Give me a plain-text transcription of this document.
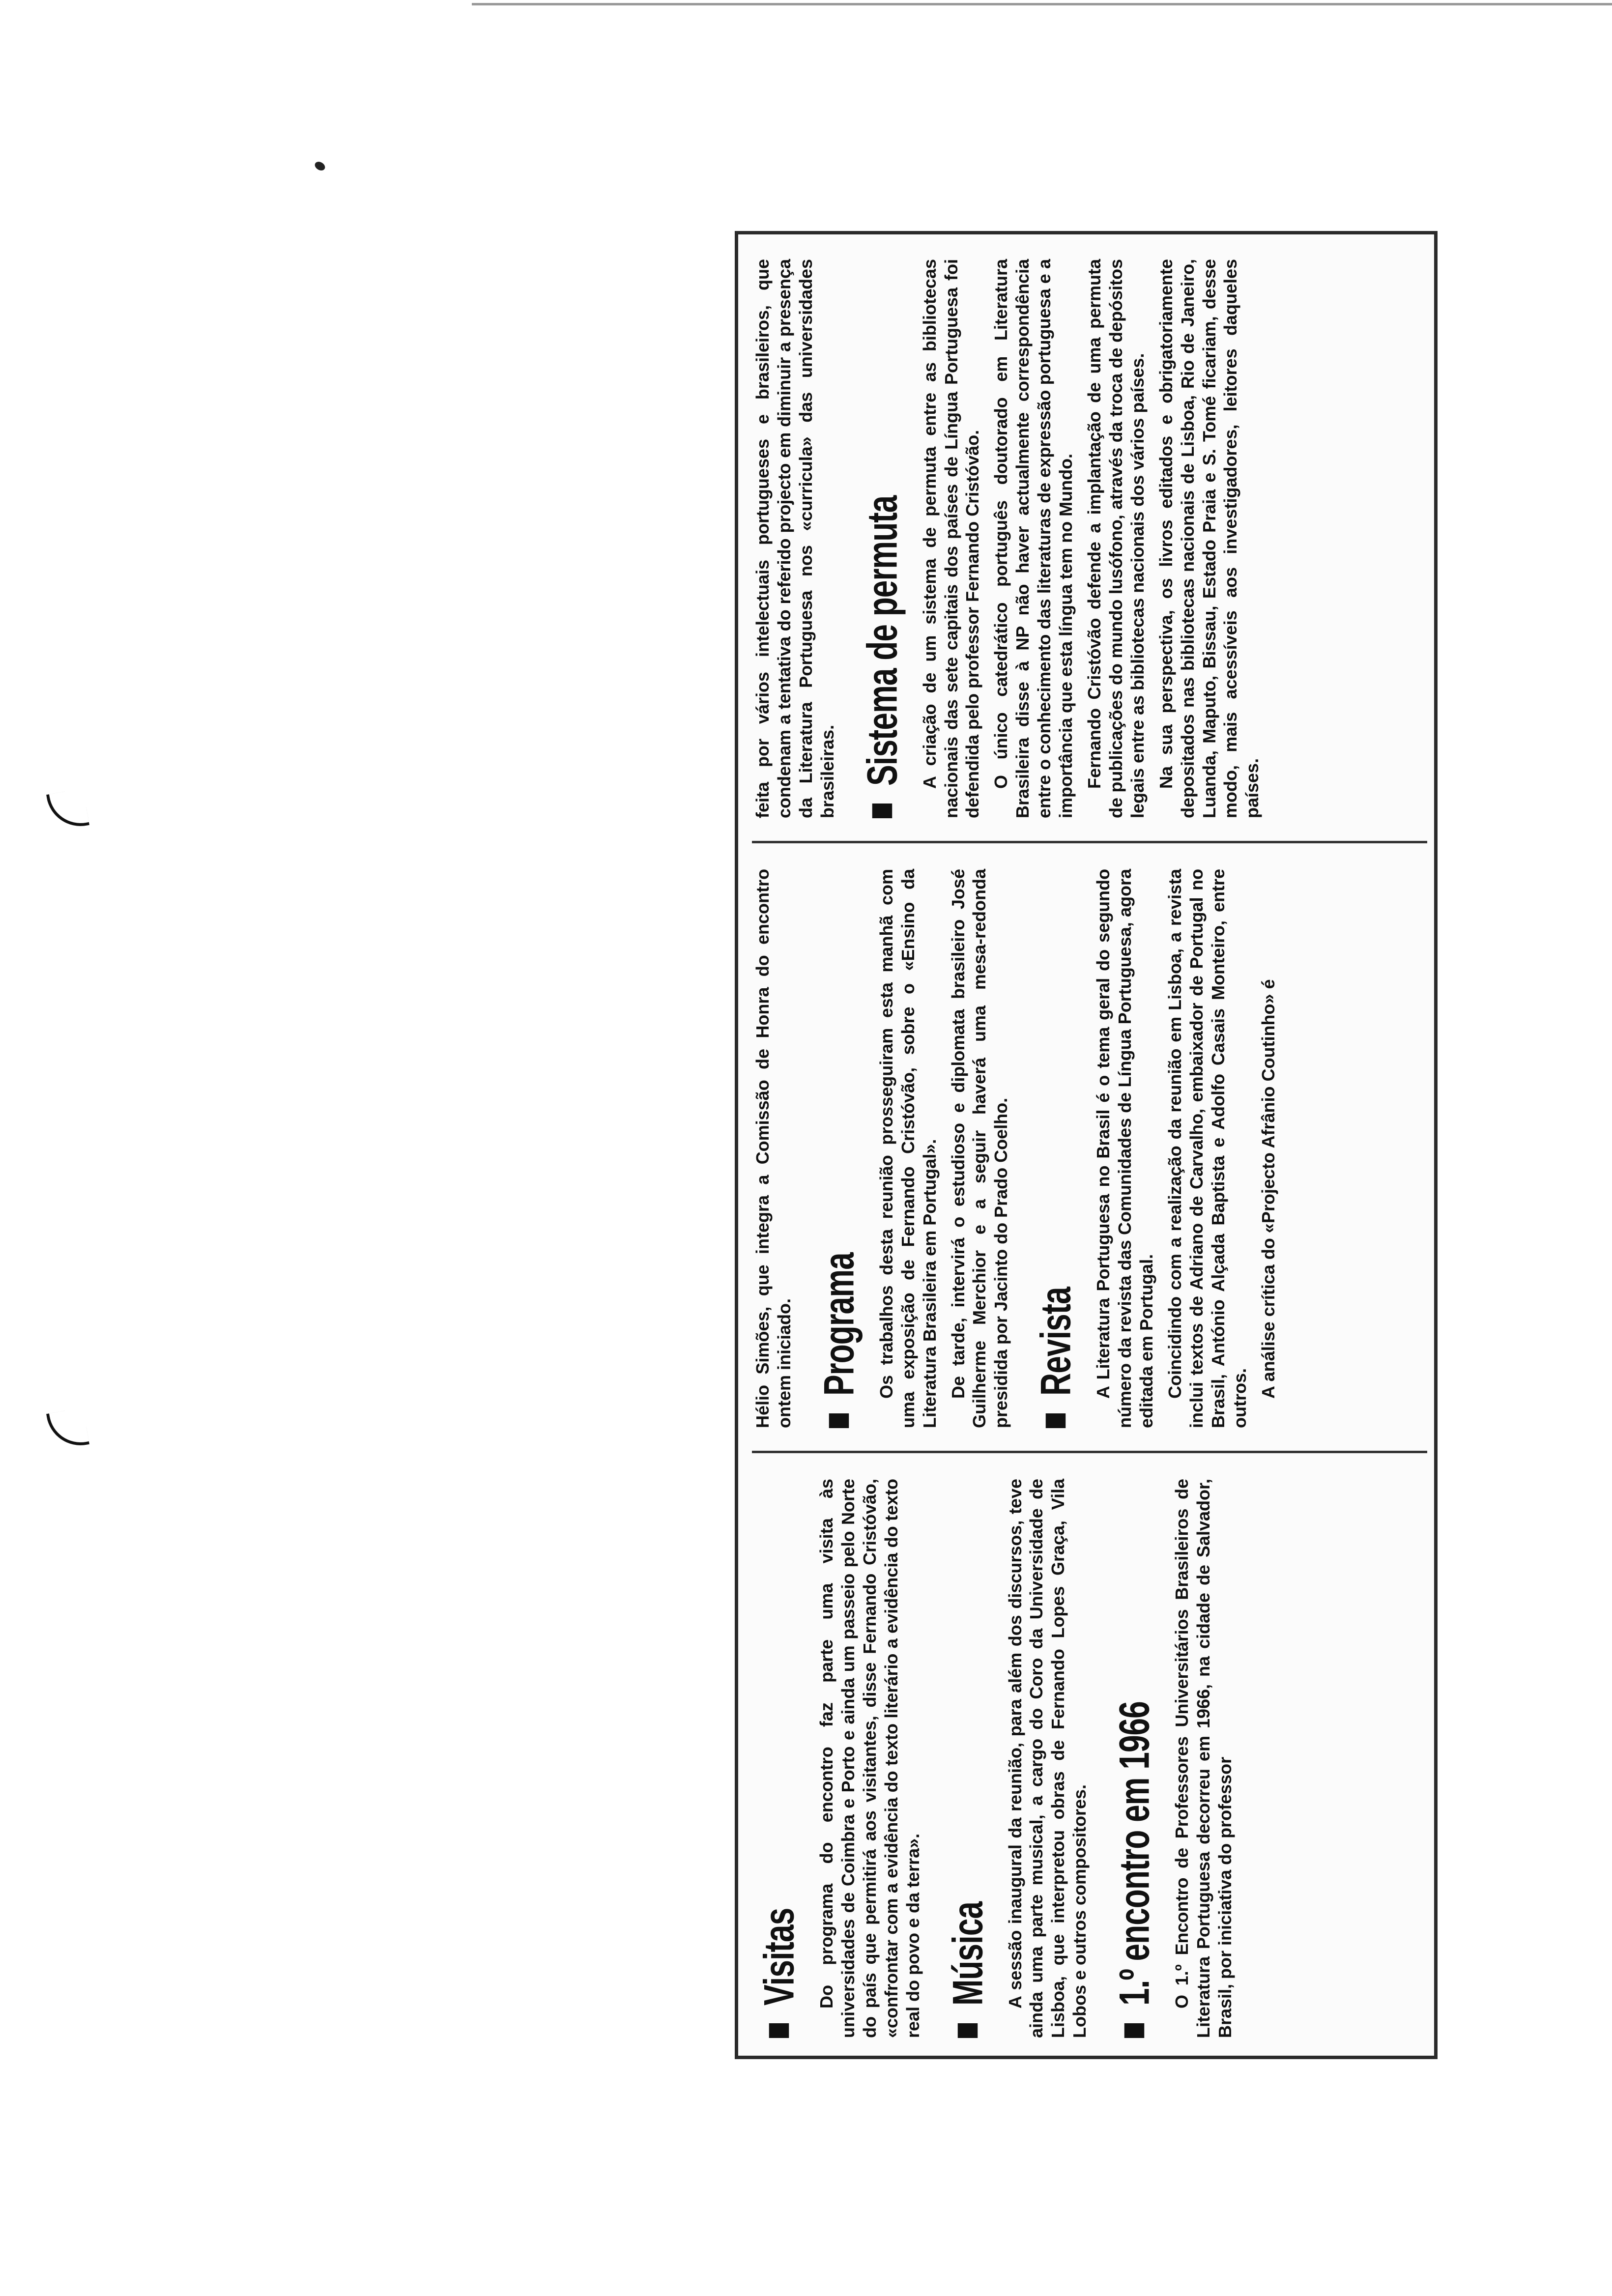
Visitas Do programa do encontro faz parte uma visita às universidades de Coimbra e Porto e ainda um passeio pelo Norte do país que permitirá aos visitantes, disse Fernando Cristóvão, «confrontar com a evidência do texto literário a evidência do texto real do povo e da terra». Música A sessão inaugural da reunião, para além dos discursos, teve ainda uma parte musical, a cargo do Coro da Universidade de Lisboa, que interpretou obras de Fernando Lopes Graça, Vila Lobos e outros compositores. 1.º encontro em 1966 O 1.º Encontro de Professores Universitários Brasileiros de Literatura Portuguesa decorreu em 1966, na cidade de Salvador, Brasil, por iniciativa do professor

Hélio Simões, que integra a Comissão de Honra do encontro ontem iniciado. Programa Os trabalhos desta reunião prosseguiram esta manhã com uma exposição de Fernando Cristóvão, sobre o «Ensino da Literatura Brasileira em Portugal». De tarde, intervirá o estudioso e diplomata brasileiro José Guilherme Merchior e a seguir haverá uma mesa-redonda presidida por Jacinto do Prado Coelho. Revista A Literatura Portuguesa no Brasil é o tema geral do segundo número da revista das Comunidades de Língua Portuguesa, agora editada em Portugal. Coincidindo com a realização da reunião em Lisboa, a revista inclui textos de Adriano de Carvalho, embaixador de Portugal no Brasil, António Alçada Baptista e Adolfo Casais Monteiro, entre outros. A análise crítica do «Projecto Afrânio Coutinho» é

feita por vários intelectuais portugueses e brasileiros, que condenam a tentativa do referido projecto em diminuir a presença da Literatura Portuguesa nos «curricula» das universidades brasileiras. Sistema de permuta A criação de um sistema de permuta entre as bibliotecas nacionais das sete capitais dos países de Língua Portuguesa foi defendida pelo professor Fernando Cristóvão. O único catedrático português doutorado em Literatura Brasileira disse à NP não haver actualmente correspondência entre o conhecimento das literaturas de expressão portuguesa e a importância que esta língua tem no Mundo. Fernando Cristóvão defende a implantação de uma permuta de publicações do mundo lusófono, através da troca de depósitos legais entre as bibliotecas nacionais dos vários países. Na sua perspectiva, os livros editados e obrigatoriamente depositados nas bibliotecas nacionais de Lisboa, Rio de Janeiro, Luanda, Maputo, Bissau, Estado Praia e S. Tomé ficariam, desse modo, mais acessíveis aos investigadores, leitores daqueles países.
